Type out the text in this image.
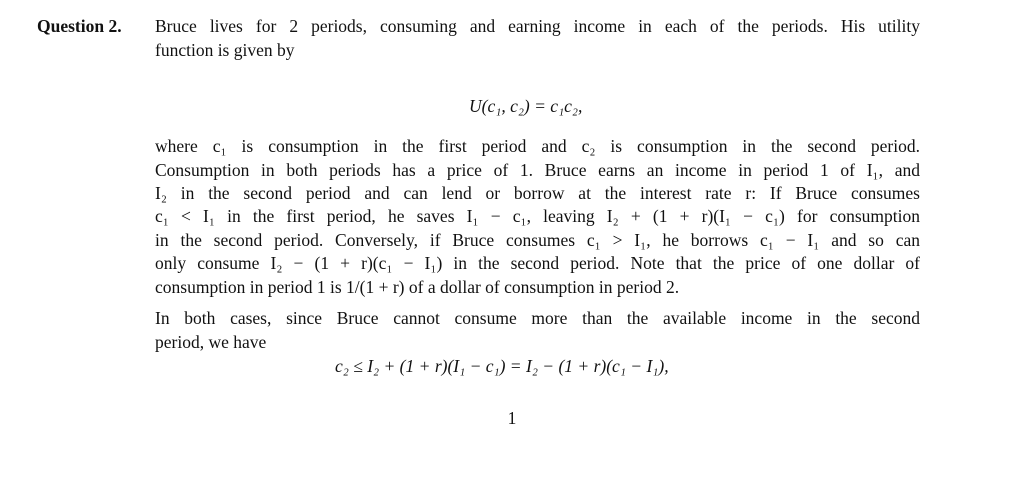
Question 2. Bruce lives for 2 periods, consuming and earning income in each of the periods. His utility
function is given by
U(c₁, c₂) = c₁c₂,
where c₁ is consumption in the first period and c₂ is consumption in the second period.
Consumption in both periods has a price of 1. Bruce earns an income in period 1 of I₁, and
I₂ in the second period and can lend or borrow at the interest rate r: If Bruce consumes
c₁ < I₁ in the first period, he saves I₁ − c₁, leaving I₂ + (1 + r)(I₁ − c₁) for consumption
in the second period. Conversely, if Bruce consumes c₁ > I₁, he borrows c₁ − I₁ and so can
only consume I₂ − (1 + r)(c₁ − I₁) in the second period. Note that the price of one dollar of
consumption in period 1 is 1/(1 + r) of a dollar of consumption in period 2.
In both cases, since Bruce cannot consume more than the available income in the second
period, we have
c₂ ≤ I₂ + (1 + r)(I₁ − c₁) = I₂ − (1 + r)(c₁ − I₁),
1
